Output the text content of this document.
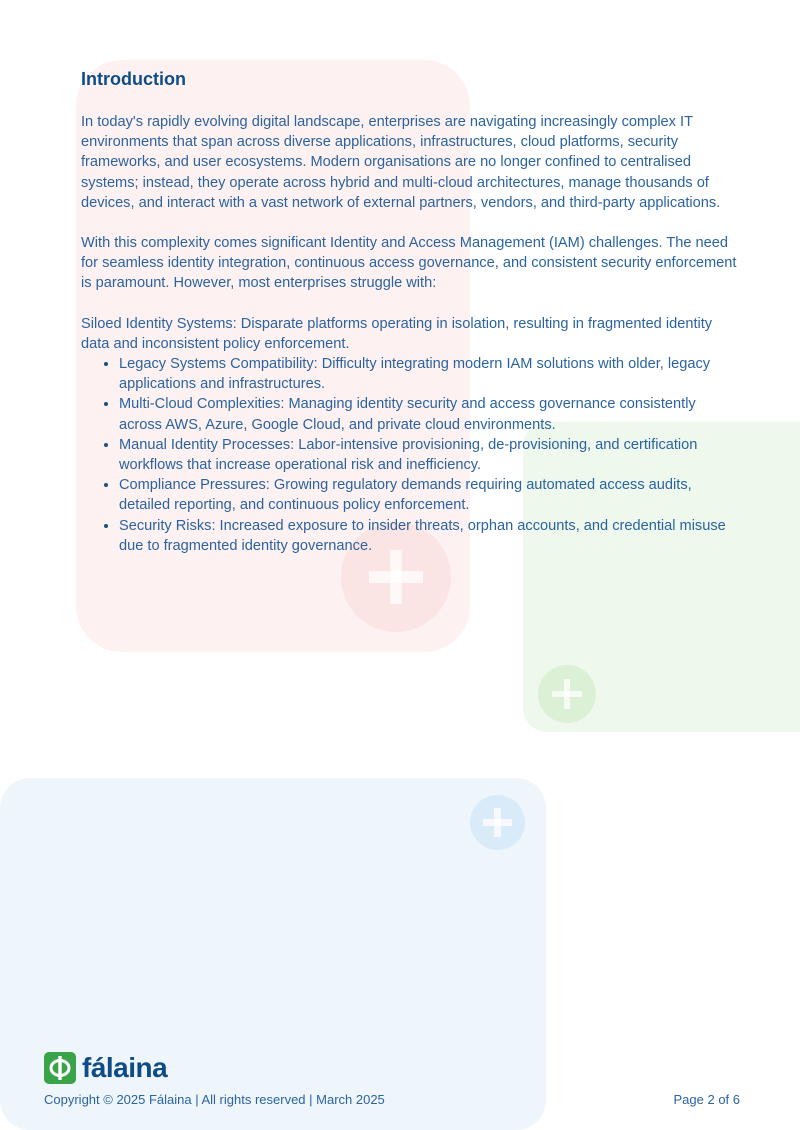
Introduction

In today's rapidly evolving digital landscape, enterprises are navigating increasingly complex IT environments that span across diverse applications, infrastructures, cloud platforms, security frameworks, and user ecosystems. Modern organisations are no longer confined to centralised systems; instead, they operate across hybrid and multi-cloud architectures, manage thousands of devices, and interact with a vast network of external partners, vendors, and third-party applications.

With this complexity comes significant Identity and Access Management (IAM) challenges. The need for seamless identity integration, continuous access governance, and consistent security enforcement is paramount. However, most enterprises struggle with:

Siloed Identity Systems: Disparate platforms operating in isolation, resulting in fragmented identity data and inconsistent policy enforcement.

• Legacy Systems Compatibility: Difficulty integrating modern IAM solutions with older, legacy applications and infrastructures.
• Multi-Cloud Complexities: Managing identity security and access governance consistently across AWS, Azure, Google Cloud, and private cloud environments.
• Manual Identity Processes: Labor-intensive provisioning, de-provisioning, and certification workflows that increase operational risk and inefficiency.
• Compliance Pressures: Growing regulatory demands requiring automated access audits, detailed reporting, and continuous policy enforcement.
• Security Risks: Increased exposure to insider threats, orphan accounts, and credential misuse due to fragmented identity governance.
fálaina
Copyright © 2025 Fálaina | All rights reserved | March 2025	Page 2 of 6
